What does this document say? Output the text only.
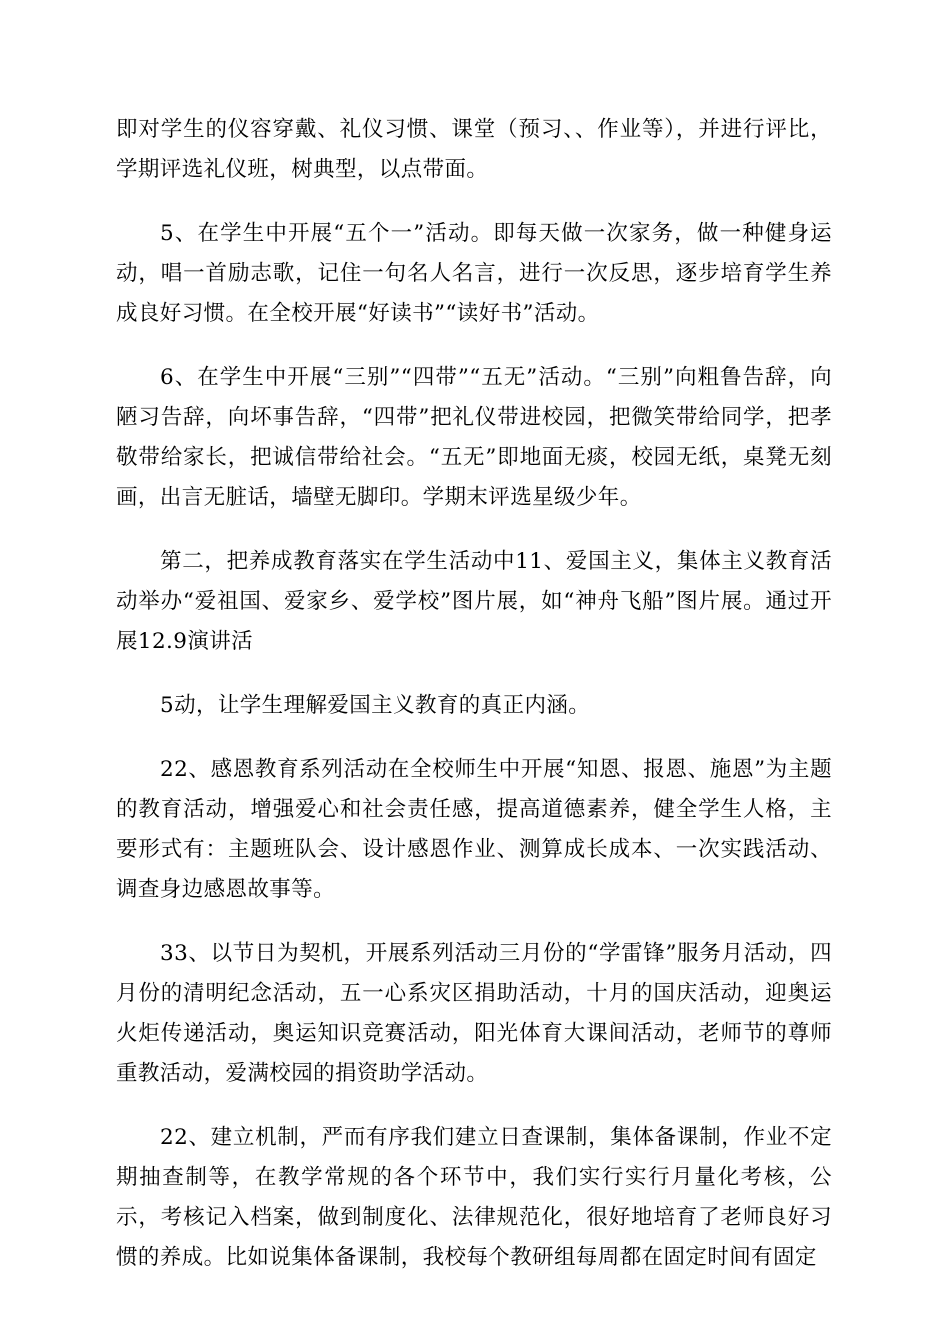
即对学生的仪容穿戴、礼仪习惯、课堂（预习、、作业等），并进行评比，学期评选礼仪班，树典型，以点带面。

5、在学生中开展“五个一”活动。即每天做一次家务，做一种健身运动，唱一首励志歌，记住一句名人名言，进行一次反思，逐步培育学生养成良好习惯。在全校开展“好读书”“读好书”活动。

6、在学生中开展“三别”“四带”“五无”活动。“三别”向粗鲁告辞，向陋习告辞，向坏事告辞，“四带”把礼仪带进校园，把微笑带给同学，把孝敬带给家长，把诚信带给社会。“五无”即地面无痰，校园无纸，桌凳无刻画，出言无脏话，墙壁无脚印。学期末评选星级少年。

第二，把养成教育落实在学生活动中11、爱国主义，集体主义教育活动举办“爱祖国、爱家乡、爱学校”图片展，如“神舟飞船”图片展。通过开展12.9演讲活

5动，让学生理解爱国主义教育的真正内涵。

22、感恩教育系列活动在全校师生中开展“知恩、报恩、施恩”为主题的教育活动，增强爱心和社会责任感，提高道德素养，健全学生人格，主要形式有：主题班队会、设计感恩作业、测算成长成本、一次实践活动、调查身边感恩故事等。

33、以节日为契机，开展系列活动三月份的“学雷锋”服务月活动，四月份的清明纪念活动，五一心系灾区捐助活动，十月的国庆活动，迎奥运火炬传递活动，奥运知识竞赛活动，阳光体育大课间活动，老师节的尊师重教活动，爱满校园的捐资助学活动。

22、建立机制，严而有序我们建立日查课制，集体备课制，作业不定期抽查制等，在教学常规的各个环节中，我们实行实行月量化考核，公示，考核记入档案，做到制度化、法律规范化，很好地培育了老师良好习惯的养成。比如说集体备课制，我校每个教研组每周都在固定时间有固定
